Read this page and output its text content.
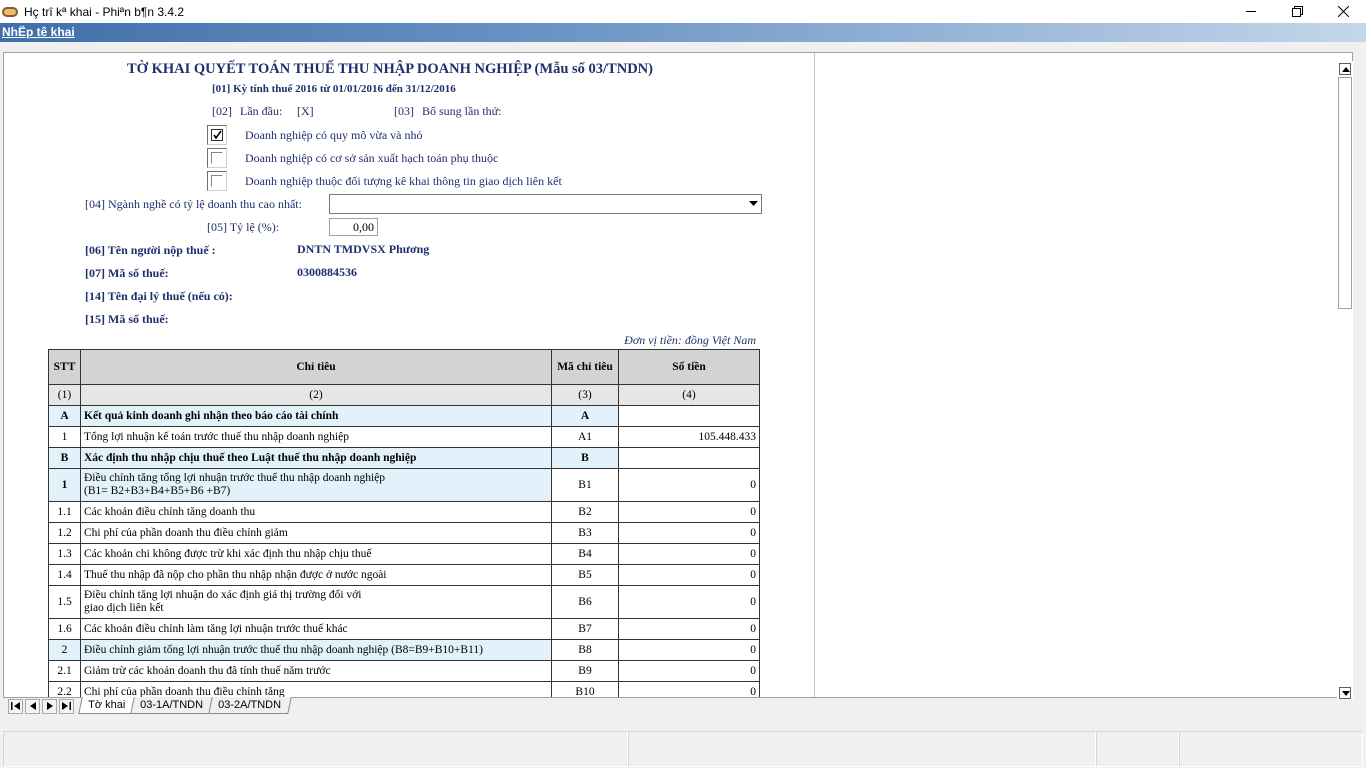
Hç trî kª khai - Phiªn b¶n 3.4.2
NhËp tê khai
TỜ KHAI QUYẾT TOÁN THUẾ THU NHẬP DOANH NGHIỆP (Mẫu số 03/TNDN)
[01] Kỳ tính thuế 2016 từ 01/01/2016 đến 31/12/2016
[02] Lần đầu: [X]	[03] Bổ sung lần thứ:
Doanh nghiệp có quy mô vừa và nhỏ
Doanh nghiệp có cơ sở sản xuất hạch toán phụ thuộc
Doanh nghiệp thuộc đối tượng kê khai thông tin giao dịch liên kết
[04] Ngành nghề có tỷ lệ doanh thu cao nhất:
[05] Tỷ lệ (%):	0,00
[06] Tên người nộp thuế :	DNTN TMDVSX Phương
[07] Mã số thuế:	0300884536
[14] Tên đại lý thuế (nếu có):
[15] Mã số thuế:
Đơn vị tiền: đồng Việt Nam
STT	Chỉ tiêu	Mã chỉ tiêu	Số tiền
(1)	(2)	(3)	(4)
A	Kết quả kinh doanh ghi nhận theo báo cáo tài chính	A	
1	Tổng lợi nhuận kế toán trước thuế thu nhập doanh nghiệp	A1	105.448.433
B	Xác định thu nhập chịu thuế theo Luật thuế thu nhập doanh nghiệp	B	
1	Điều chỉnh tăng tổng lợi nhuận trước thuế thu nhập doanh nghiệp (B1= B2+B3+B4+B5+B6 +B7)	B1	0
1.1	Các khoản điều chỉnh tăng doanh thu	B2	0
1.2	Chi phí của phần doanh thu điều chỉnh giảm	B3	0
1.3	Các khoản chi không được trừ khi xác định thu nhập chịu thuế	B4	0
1.4	Thuế thu nhập đã nộp cho phần thu nhập nhận được ở nước ngoài	B5	0
1.5	Điều chỉnh tăng lợi nhuận do xác định giá thị trường đối với giao dịch liên kết	B6	0
1.6	Các khoản điều chỉnh làm tăng lợi nhuận trước thuế khác	B7	0
2	Điều chỉnh giảm tổng lợi nhuận trước thuế thu nhập doanh nghiệp (B8=B9+B10+B11)	B8	0
2.1	Giảm trừ các khoản doanh thu đã tính thuế năm trước	B9	0
2.2	Chi phí của phần doanh thu điều chỉnh tăng	B10	0
Tờ khai	03-1A/TNDN	03-2A/TNDN
